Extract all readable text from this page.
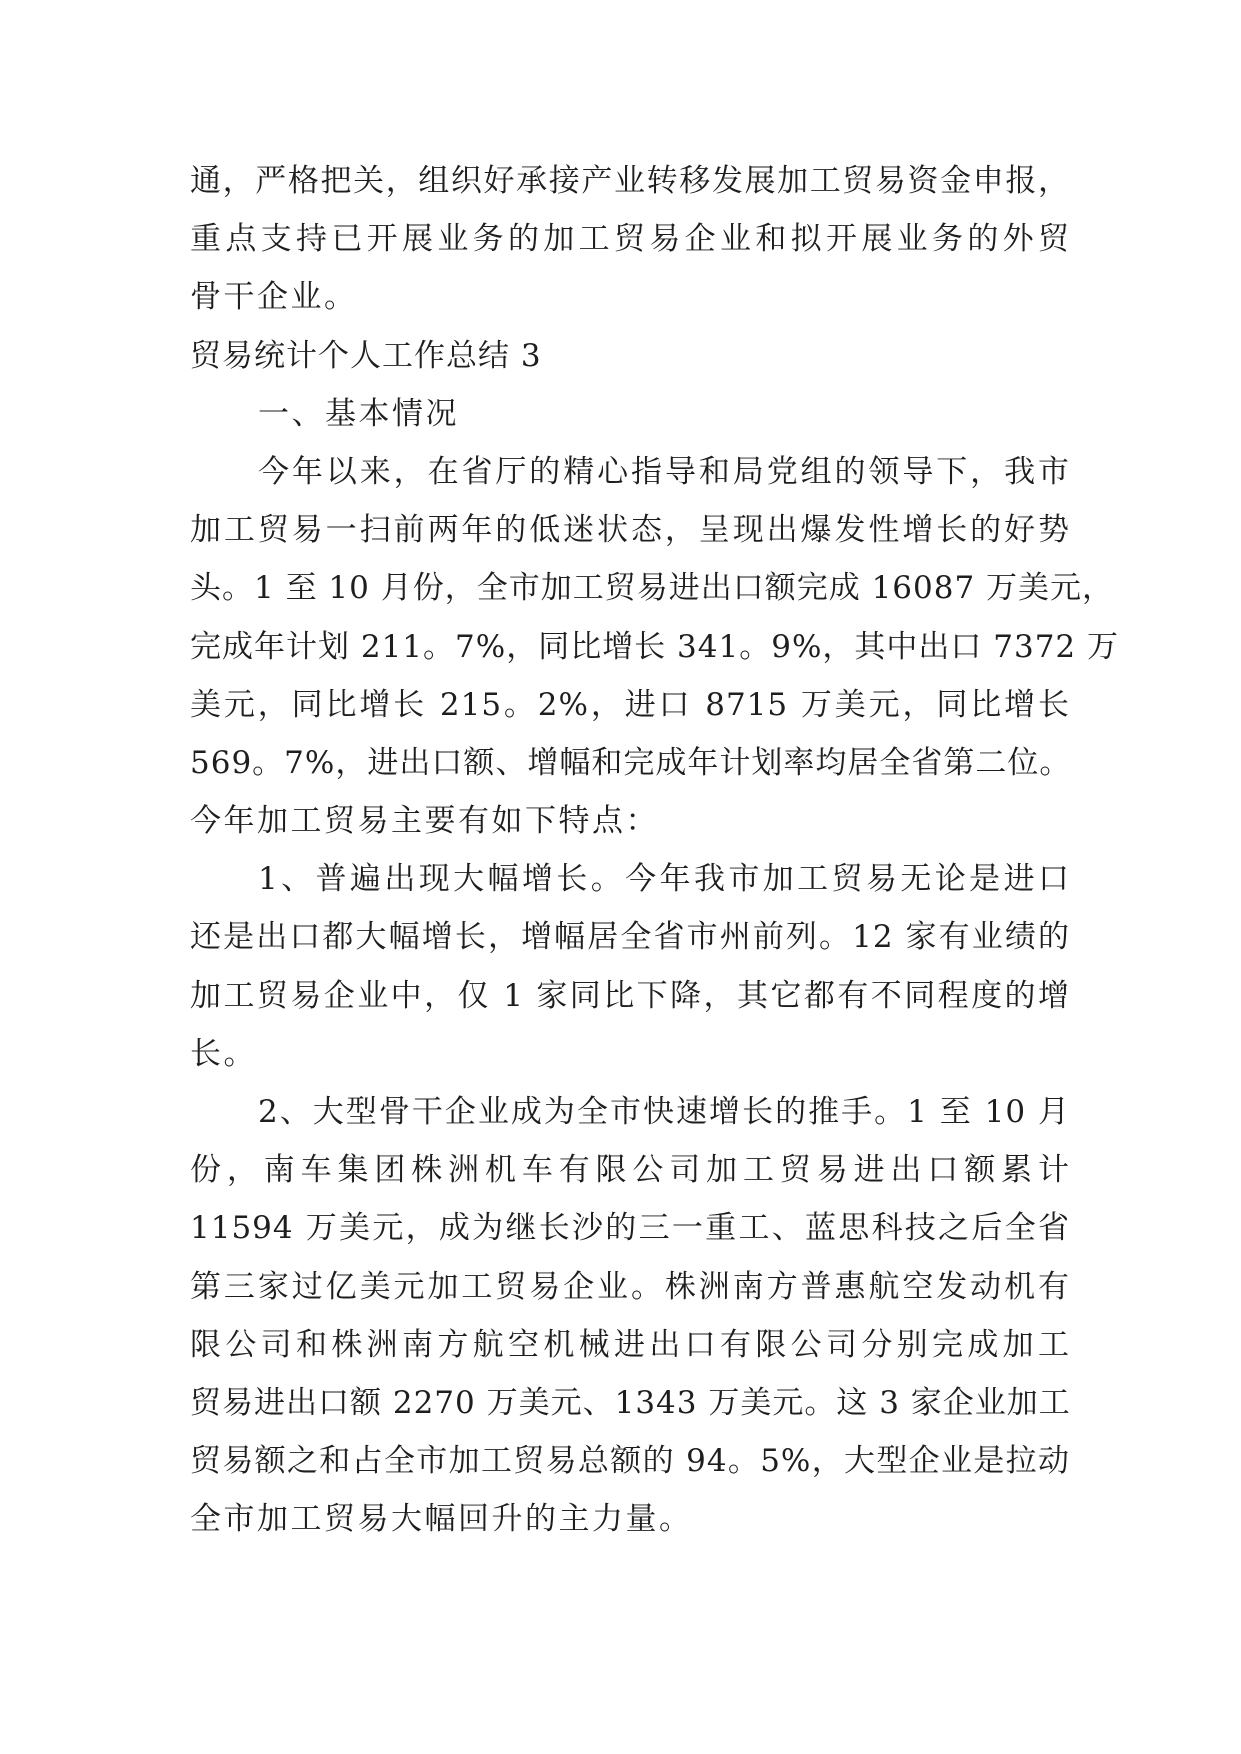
通，严格把关，组织好承接产业转移发展加工贸易资金申报，
重点支持已开展业务的加工贸易企业和拟开展业务的外贸
骨干企业。
贸易统计个人工作总结 3
一、基本情况
今年以来，在省厅的精心指导和局党组的领导下，我市
加工贸易一扫前两年的低迷状态，呈现出爆发性增长的好势
头。1 至 10 月份，全市加工贸易进出口额完成 16087 万美元，
完成年计划 211。7%，同比增长 341。9%，其中出口 7372 万
美元，同比增长 215。2%，进口 8715 万美元，同比增长
569。7%，进出口额、增幅和完成年计划率均居全省第二位。
今年加工贸易主要有如下特点：
1、普遍出现大幅增长。今年我市加工贸易无论是进口
还是出口都大幅增长，增幅居全省市州前列。12 家有业绩的
加工贸易企业中，仅 1 家同比下降，其它都有不同程度的增
长。
2、大型骨干企业成为全市快速增长的推手。1 至 10 月
份，南车集团株洲机车有限公司加工贸易进出口额累计
11594 万美元，成为继长沙的三一重工、蓝思科技之后全省
第三家过亿美元加工贸易企业。株洲南方普惠航空发动机有
限公司和株洲南方航空机械进出口有限公司分别完成加工
贸易进出口额 2270 万美元、1343 万美元。这 3 家企业加工
贸易额之和占全市加工贸易总额的 94。5%，大型企业是拉动
全市加工贸易大幅回升的主力量。
